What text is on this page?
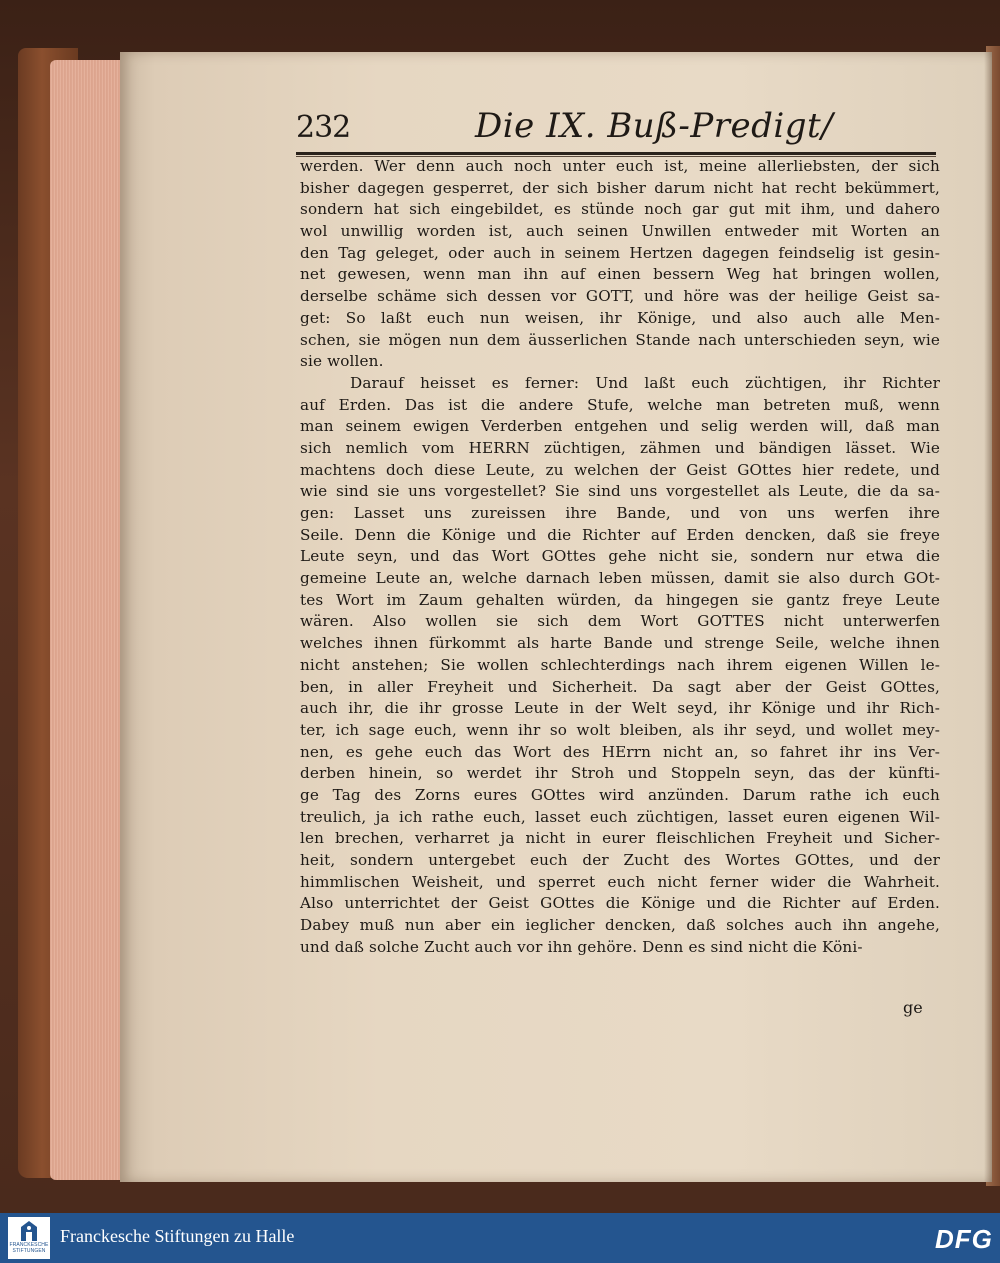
232	Die IX. Buß-Predigt/
werden. Wer denn auch noch unter euch ist, meine allerliebsten, der sich
bisher dagegen gesperret, der sich bisher darum nicht hat recht bekümmert,
sondern hat sich eingebildet, es stünde noch gar gut mit ihm, und dahero
wol unwillig worden ist, auch seinen Unwillen entweder mit Worten an
den Tag geleget, oder auch in seinem Hertzen dagegen feindselig ist gesin-
net gewesen, wenn man ihn auf einen bessern Weg hat bringen wollen,
derselbe schäme sich dessen vor GOTT, und höre was der heilige Geist sa-
get: So laßt euch nun weisen, ihr Könige, und also auch alle Men-
schen, sie mögen nun dem äusserlichen Stande nach unterschieden seyn, wie
sie wollen.
Darauf heisset es ferner: Und laßt euch züchtigen, ihr Richter
auf Erden. Das ist die andere Stufe, welche man betreten muß, wenn
man seinem ewigen Verderben entgehen und selig werden will, daß man
sich nemlich vom HERRN züchtigen, zähmen und bändigen lässet. Wie
machtens doch diese Leute, zu welchen der Geist GOttes hier redete, und
wie sind sie uns vorgestellet? Sie sind uns vorgestellet als Leute, die da sa-
gen: Lasset uns zureissen ihre Bande, und von uns werfen ihre
Seile. Denn die Könige und die Richter auf Erden dencken, daß sie freye
Leute seyn, und das Wort GOttes gehe nicht sie, sondern nur etwa die
gemeine Leute an, welche darnach leben müssen, damit sie also durch GOt-
tes Wort im Zaum gehalten würden, da hingegen sie gantz freye Leute
wären. Also wollen sie sich dem Wort GOTTES nicht unterwerfen
welches ihnen fürkommt als harte Bande und strenge Seile, welche ihnen
nicht anstehen; Sie wollen schlechterdings nach ihrem eigenen Willen le-
ben, in aller Freyheit und Sicherheit. Da sagt aber der Geist GOttes,
auch ihr, die ihr grosse Leute in der Welt seyd, ihr Könige und ihr Rich-
ter, ich sage euch, wenn ihr so wolt bleiben, als ihr seyd, und wollet mey-
nen, es gehe euch das Wort des HErrn nicht an, so fahret ihr ins Ver-
derben hinein, so werdet ihr Stroh und Stoppeln seyn, das der künfti-
ge Tag des Zorns eures GOttes wird anzünden. Darum rathe ich euch
treulich, ja ich rathe euch, lasset euch züchtigen, lasset euren eigenen Wil-
len brechen, verharret ja nicht in eurer fleischlichen Freyheit und Sicher-
heit, sondern untergebet euch der Zucht des Wortes GOttes, und der
himmlischen Weisheit, und sperret euch nicht ferner wider die Wahrheit.
Also unterrichtet der Geist GOttes die Könige und die Richter auf Erden.
Dabey muß nun aber ein ieglicher dencken, daß solches auch ihn angehe,
und daß solche Zucht auch vor ihn gehöre. Denn es sind nicht die Köni-
ge
FRANCKESCHE
STIFTUNGEN
Franckesche Stiftungen zu Halle	DFG
